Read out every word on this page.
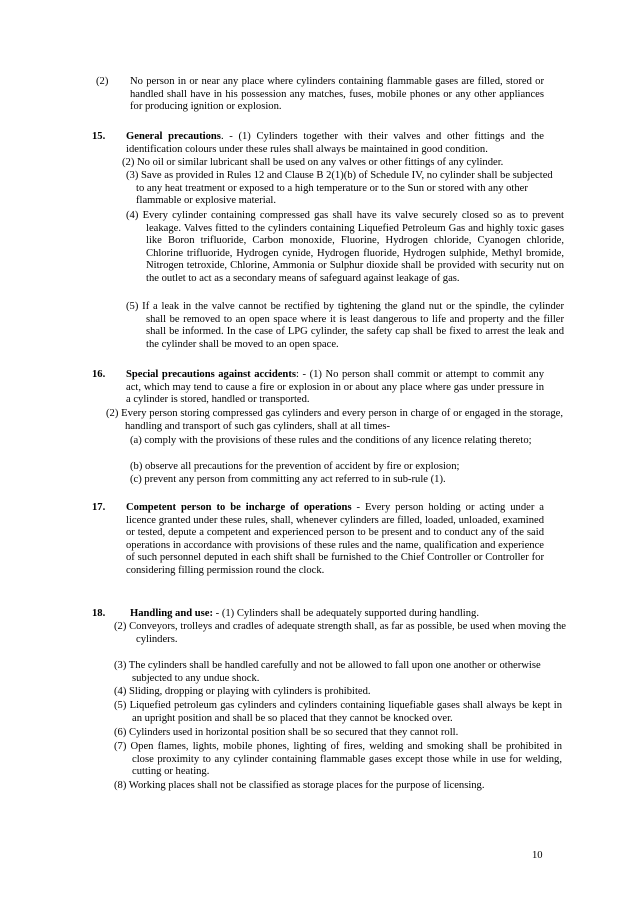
(2)	No person in or near any place where cylinders containing flammable gases are filled, stored or handled shall have in his possession any matches, fuses, mobile phones or any other appliances for producing ignition or explosion.
15. General precautions. - (1) Cylinders together with their valves and other fittings and the identification colours under these rules shall always be maintained in good condition.
(2) No oil or similar lubricant shall be used on any valves or other fittings of any cylinder.
(3) Save as provided in Rules 12 and Clause B 2(1)(b) of Schedule IV, no cylinder shall be subjected to any heat treatment or exposed to a high temperature or to the Sun or stored with any other flammable or explosive material.
(4) Every cylinder containing compressed gas shall have its valve securely closed so as to prevent leakage. Valves fitted to the cylinders containing Liquefied Petroleum Gas and highly toxic gases like Boron trifluoride, Carbon monoxide, Fluorine, Hydrogen chloride, Cyanogen chloride, Chlorine trifluoride, Hydrogen cynide, Hydrogen fluoride, Hydrogen sulphide, Methyl bromide, Nitrogen tetroxide, Chlorine, Ammonia or Sulphur dioxide shall be provided with security nut on the outlet to act as a secondary means of safeguard against leakage of gas.
(5) If a leak in the valve cannot be rectified by tightening the gland nut or the spindle, the cylinder shall be removed to an open space where it is least dangerous to life and property and the filler shall be informed. In the case of LPG cylinder, the safety cap shall be fixed to arrest the leak and the cylinder shall be moved to an open space.
16. Special precautions against accidents: - (1) No person shall commit or attempt to commit any act, which may tend to cause a fire or explosion in or about any place where gas under pressure in a cylinder is stored, handled or transported.
(2) Every person storing compressed gas cylinders and every person in charge of or engaged in the storage, handling and transport of such gas cylinders, shall at all times-
(a) comply with the provisions of these rules and the conditions of any licence relating thereto;
(b) observe all precautions for the prevention of accident by fire or explosion;
(c) prevent any person from committing any act referred to in sub-rule (1).
17. Competent person to be incharge of operations - Every person holding or acting under a licence granted under these rules, shall, whenever cylinders are filled, loaded, unloaded, examined or tested, depute a competent and experienced person to be present and to conduct any of the said operations in accordance with provisions of these rules and the name, qualification and experience of such personnel deputed in each shift shall be furnished to the Chief Controller or Controller for considering filling permission round the clock.
18. Handling and use: - (1) Cylinders shall be adequately supported during handling.
(2) Conveyors, trolleys and cradles of adequate strength shall, as far as possible, be used when moving the cylinders.
(3) The cylinders shall be handled carefully and not be allowed to fall upon one another or otherwise subjected to any undue shock.
(4) Sliding, dropping or playing with cylinders is prohibited.
(5) Liquefied petroleum gas cylinders and cylinders containing liquefiable gases shall always be kept in an upright position and shall be so placed that they cannot be knocked over.
(6) Cylinders used in horizontal position shall be so secured that they cannot roll.
(7) Open flames, lights, mobile phones, lighting of fires, welding and smoking shall be prohibited in close proximity to any cylinder containing flammable gases except those while in use for welding, cutting or heating.
(8) Working places shall not be classified as storage places for the purpose of licensing.
10
